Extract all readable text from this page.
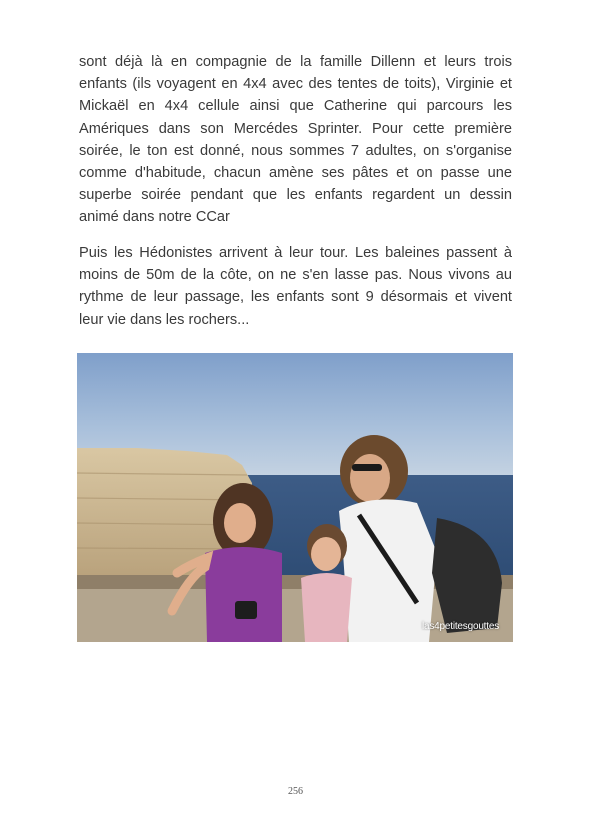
sont déjà là en compagnie de la famille Dillenn et leurs trois enfants (ils voyagent en 4x4 avec des tentes de toits), Virginie et Mickaël en 4x4 cellule ainsi que Catherine qui parcours les Amériques dans son Mercédes Sprinter. Pour cette première soirée, le ton est donné, nous sommes 7 adultes, on s'organise comme d'habitude, chacun amène ses pâtes et on passe une superbe soirée pendant que les enfants regardent un dessin animé dans notre CCar

Puis les Hédonistes arrivent à leur tour. Les baleines passent à moins de 50m de la côte, on ne s'en lasse pas. Nous vivons au rythme de leur passage, les enfants sont 9 désormais et vivent leur vie dans les rochers...

las4petitesgouttes
256
